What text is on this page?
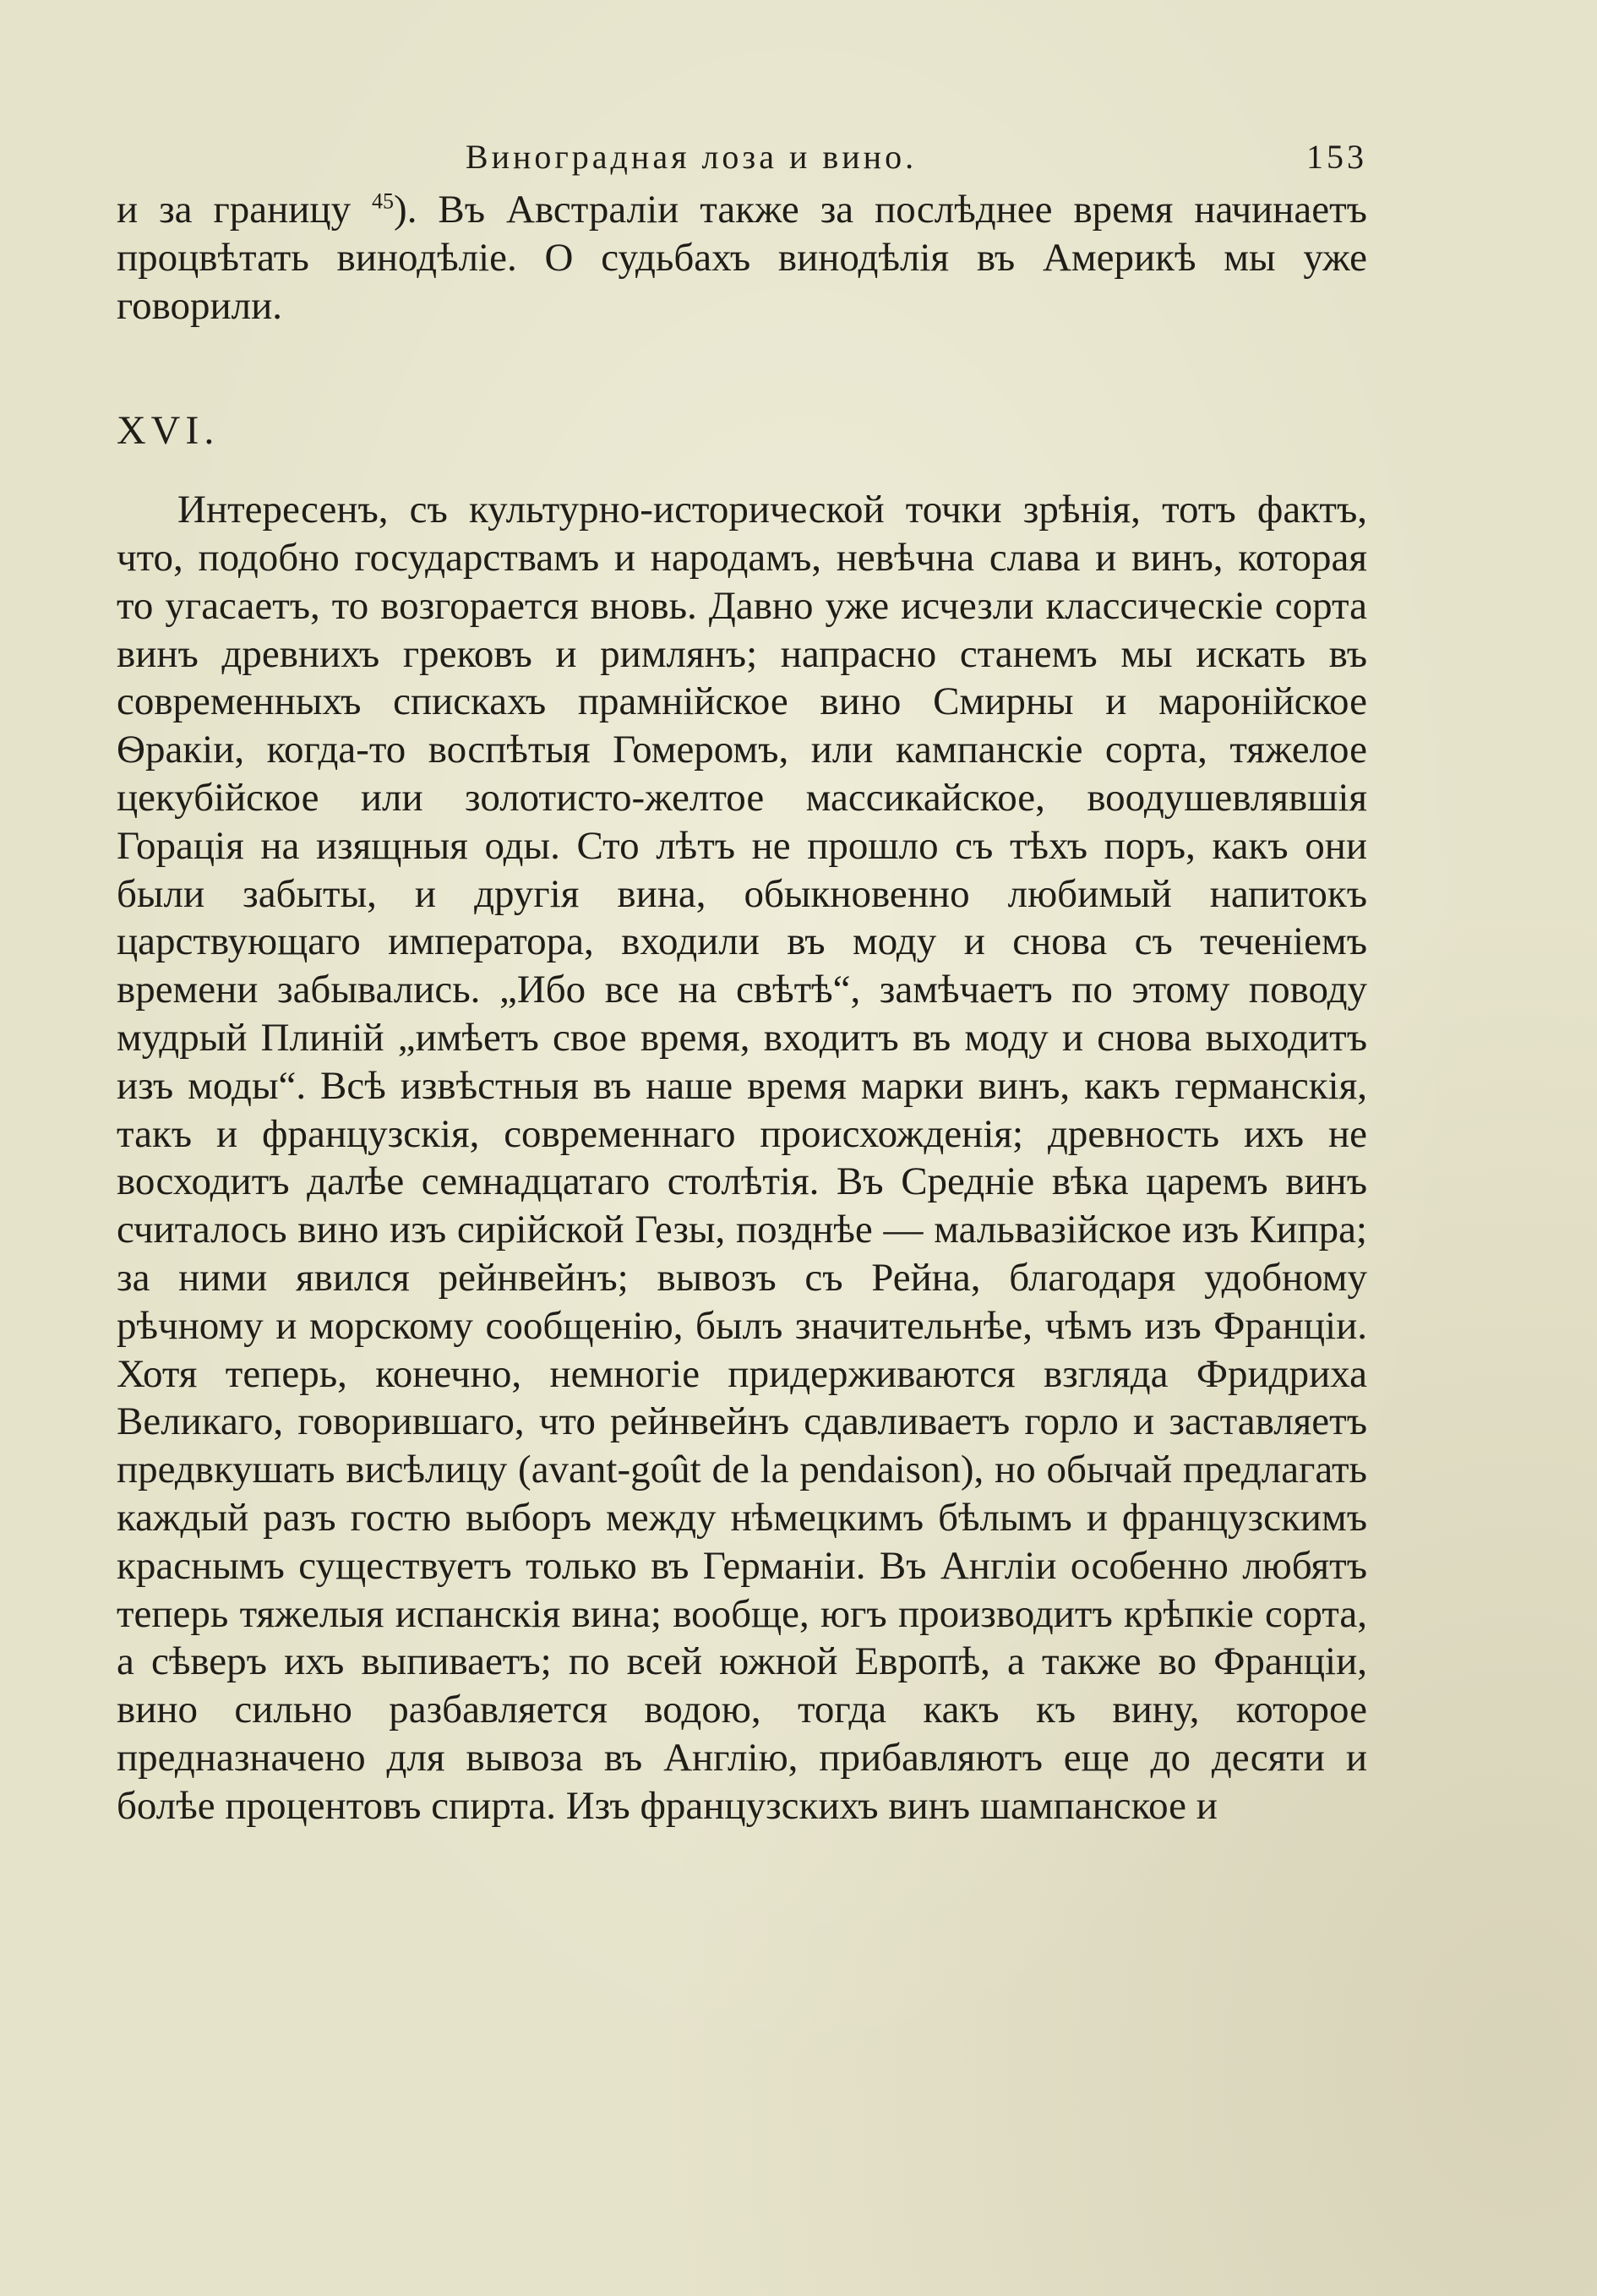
Виноградная лоза и вино.	153

и за границу $^{45}$). Въ Австраліи также за послѣднее время начинаетъ процвѣтать винодѣліе. О судьбахъ винодѣлія въ Америкѣ мы уже говорили.

XVI.

Интересенъ, съ культурно-исторической точки зрѣнія, тотъ фактъ, что, подобно государствамъ и народамъ, невѣчна слава и винъ, которая то угасаетъ, то возгорается вновь. Давно уже исчезли классическіе сорта винъ древнихъ грековъ и римлянъ; напрасно станемъ мы искать въ современныхъ спискахъ прамнійское вино Смирны и маронійское Ѳракіи, когда-то воспѣтыя Гомеромъ, или кампанскіе сорта, тяжелое цекубійское или золотисто-желтое массикайское, воодушевлявшія Горація на изящныя оды. Сто лѣтъ не прошло съ тѣхъ поръ, какъ они были забыты, и другія вина, обыкновенно любимый напитокъ царствующаго императора, входили въ моду и снова съ теченіемъ времени забывались. „Ибо все на свѣтѣ“, замѣчаетъ по этому поводу мудрый Плиній „имѣетъ свое время, входитъ въ моду и снова выходитъ изъ моды“. Всѣ извѣстныя въ наше время марки винъ, какъ германскія, такъ и французскія, современнаго происхожденія; древность ихъ не восходитъ далѣе семнадцатаго столѣтія. Въ Средніе вѣка царемъ винъ считалось вино изъ сирійской Гезы, позднѣе — мальвазійское изъ Кипра; за ними явился рейнвейнъ; вывозъ съ Рейна, благодаря удобному рѣчному и морскому сообщенію, былъ значительнѣе, чѣмъ изъ Франціи. Хотя теперь, конечно, немногіе придерживаются взгляда Фридриха Великаго, говорившаго, что рейнвейнъ сдавливаетъ горло и заставляетъ предвкушать висѣлицу (avant-goût de la pendaison), но обычай предлагать каждый разъ гостю выборъ между нѣмецкимъ бѣлымъ и французскимъ краснымъ существуетъ только въ Германіи. Въ Англіи особенно любятъ теперь тяжелыя испанскія вина; вообще, югъ производитъ крѣпкіе сорта, а сѣверъ ихъ выпиваетъ; по всей южной Европѣ, а также во Франціи, вино сильно разбавляется водою, тогда какъ къ вину, которое предназначено для вывоза въ Англію, прибавляютъ еще до десяти и болѣе процентовъ спирта. Изъ французскихъ винъ шампанское и
